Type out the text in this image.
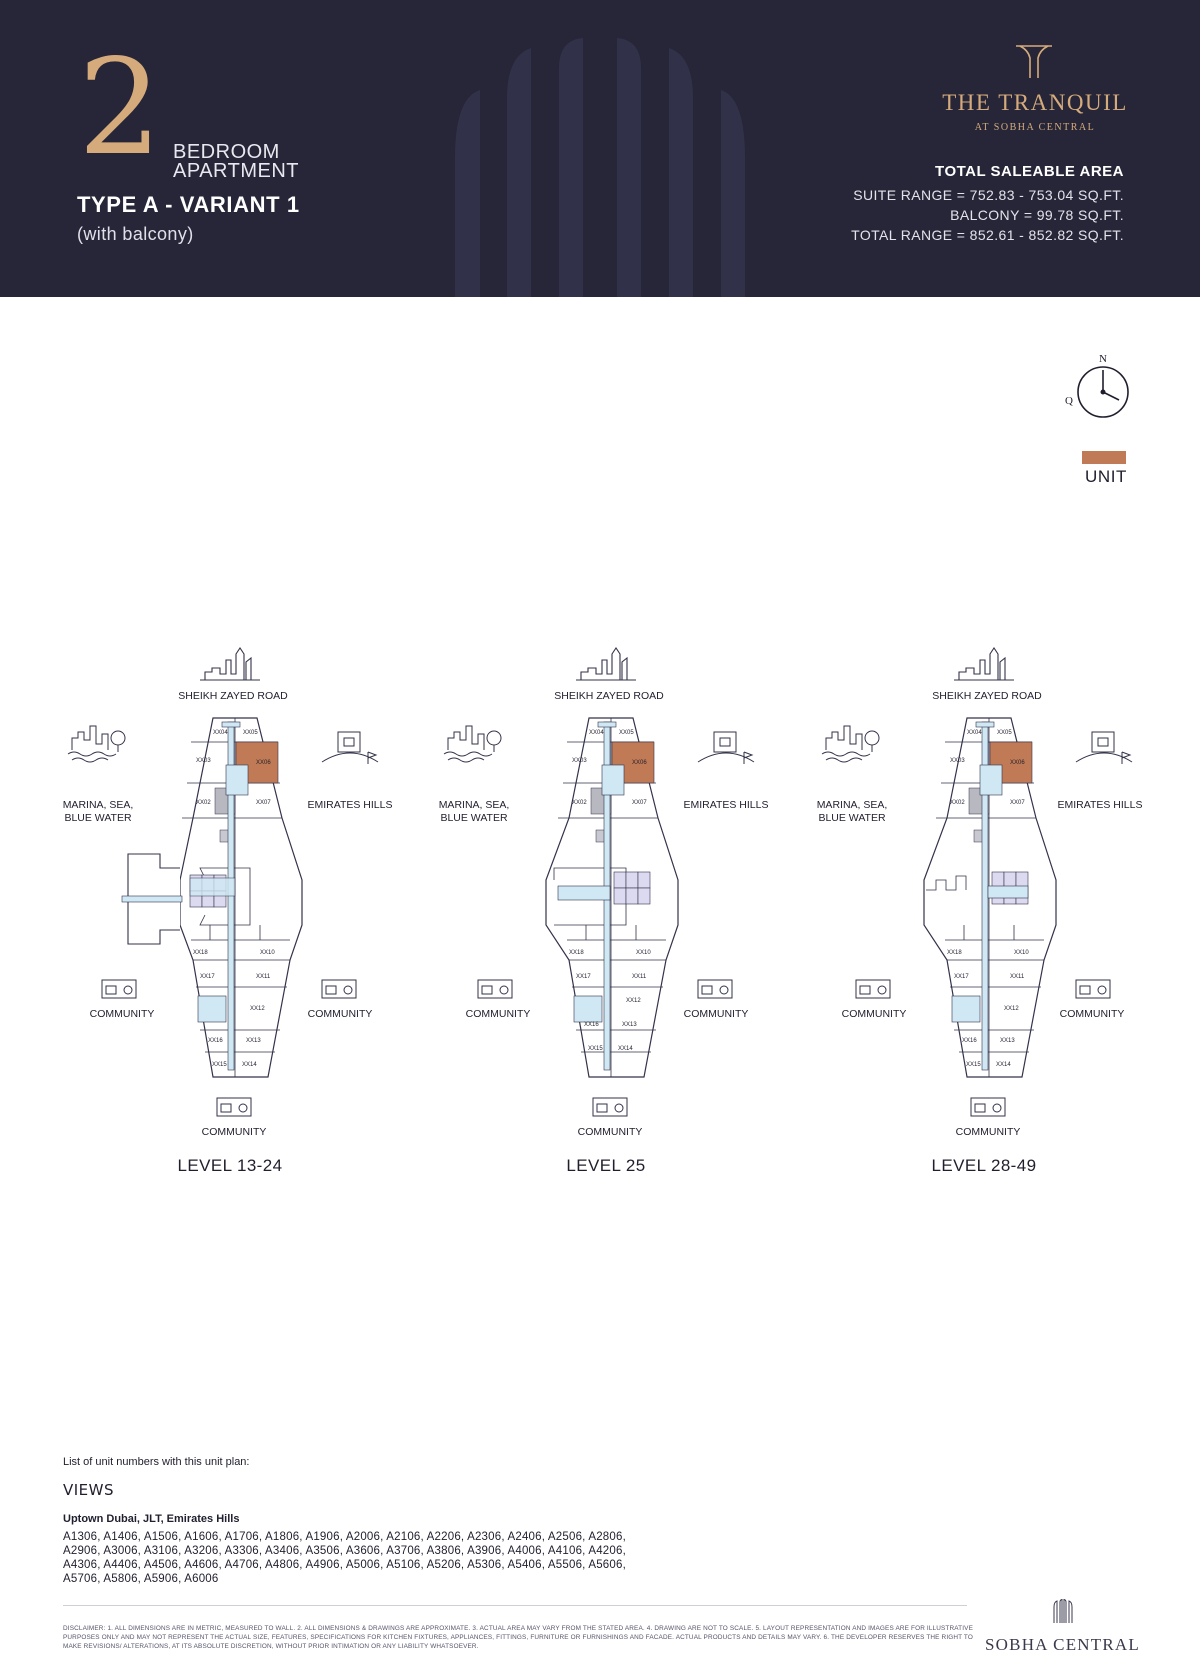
2 BEDROOM
APARTMENT
TYPE A - VARIANT 1
(with balcony)
THE TRANQUIL
AT SOBHA CENTRAL
TOTAL SALEABLE AREA
SUITE RANGE = 752.83 - 753.04 SQ.FT.
BALCONY = 99.78 SQ.FT.
TOTAL RANGE = 852.61 - 852.82 SQ.FT.
N
Q
UNIT
SHEIKH ZAYED ROAD
XX04	XX05
XX03	XX06
XX02	XX07
XX18	XX10
XX17	XX11
XX12
XX16	XX13
XX15	XX14
MARINA, SEA,
BLUE WATER
EMIRATES HILLS
COMMUNITY	COMMUNITY
COMMUNITY
LEVEL 13-24
SHEIKH ZAYED ROAD
XX04	XX05
XX03	XX06
XX02	XX07
XX18	XX10
XX17	XX11
XX12
XX16	XX13
XX15	XX14
MARINA, SEA,
BLUE WATER
EMIRATES HILLS
COMMUNITY	COMMUNITY
COMMUNITY
LEVEL 25
SHEIKH ZAYED ROAD
XX04	XX05
XX03	XX06
XX02	XX07
XX18	XX10
XX17	XX11
XX12
XX16	XX13
XX15	XX14
MARINA, SEA,
BLUE WATER
EMIRATES HILLS
COMMUNITY	COMMUNITY
COMMUNITY
LEVEL 28-49
List of unit numbers with this unit plan:
VIEWS
Uptown Dubai, JLT, Emirates Hills
A1306, A1406, A1506, A1606, A1706, A1806, A1906, A2006, A2106, A2206, A2306, A2406, A2506, A2806,
A2906, A3006, A3106, A3206, A3306, A3406, A3506, A3606, A3706, A3806, A3906, A4006, A4106, A4206,
A4306, A4406, A4506, A4606, A4706, A4806, A4906, A5006, A5106, A5206, A5306, A5406, A5506, A5606,
A5706, A5806, A5906, A6006
DISCLAIMER: 1. ALL DIMENSIONS ARE IN METRIC, MEASURED TO WALL. 2. ALL DIMENSIONS & DRAWINGS ARE APPROXIMATE. 3. ACTUAL AREA MAY VARY FROM THE STATED AREA. 4. DRAWING ARE NOT TO SCALE. 5. LAYOUT REPRESENTATION AND IMAGES ARE FOR ILLUSTRATIVE PURPOSES ONLY AND MAY NOT REPRESENT THE ACTUAL SIZE, FEATURES, SPECIFICATIONS FOR KITCHEN FIXTURES, APPLIANCES, FITTINGS, FURNITURE OR FURNISHINGS AND FACADE. ACTUAL PRODUCTS AND DETAILS MAY VARY. 6. THE DEVELOPER RESERVES THE RIGHT TO MAKE REVISIONS/ ALTERATIONS, AT ITS ABSOLUTE DISCRETION, WITHOUT PRIOR INTIMATION OR ANY LIABILITY WHATSOEVER.	SOBHA CENTRAL
